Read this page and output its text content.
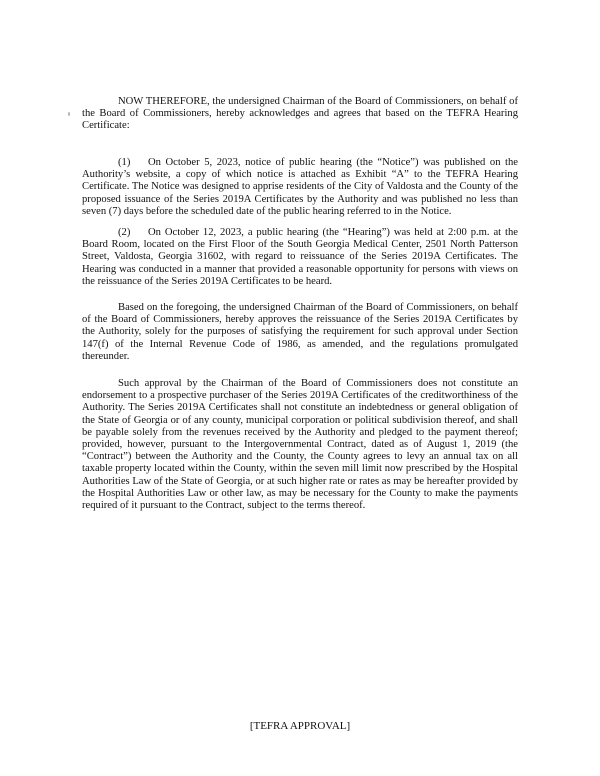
NOW THEREFORE, the undersigned Chairman of the Board of Commissioners, on behalf of the Board of Commissioners, hereby acknowledges and agrees that based on the TEFRA Hearing Certificate:

(1) On October 5, 2023, notice of public hearing (the “Notice”) was published on the Authority’s website, a copy of which notice is attached as Exhibit “A” to the TEFRA Hearing Certificate. The Notice was designed to apprise residents of the City of Valdosta and the County of the proposed issuance of the Series 2019A Certificates by the Authority and was published no less than seven (7) days before the scheduled date of the public hearing referred to in the Notice.

(2) On October 12, 2023, a public hearing (the “Hearing”) was held at 2:00 p.m. at the Board Room, located on the First Floor of the South Georgia Medical Center, 2501 North Patterson Street, Valdosta, Georgia 31602, with regard to reissuance of the Series 2019A Certificates. The Hearing was conducted in a manner that provided a reasonable opportunity for persons with views on the reissuance of the Series 2019A Certificates to be heard.

Based on the foregoing, the undersigned Chairman of the Board of Commissioners, on behalf of the Board of Commissioners, hereby approves the reissuance of the Series 2019A Certificates by the Authority, solely for the purposes of satisfying the requirement for such approval under Section 147(f) of the Internal Revenue Code of 1986, as amended, and the regulations promulgated thereunder.

Such approval by the Chairman of the Board of Commissioners does not constitute an endorsement to a prospective purchaser of the Series 2019A Certificates of the creditworthiness of the Authority. The Series 2019A Certificates shall not constitute an indebtedness or general obligation of the State of Georgia or of any county, municipal corporation or political subdivision thereof, and shall be payable solely from the revenues received by the Authority and pledged to the payment thereof; provided, however, pursuant to the Intergovernmental Contract, dated as of August 1, 2019 (the “Contract”) between the Authority and the County, the County agrees to levy an annual tax on all taxable property located within the County, within the seven mill limit now prescribed by the Hospital Authorities Law of the State of Georgia, or at such higher rate or rates as may be hereafter provided by the Hospital Authorities Law or other law, as may be necessary for the County to make the payments required of it pursuant to the Contract, subject to the terms thereof.

[TEFRA APPROVAL]
